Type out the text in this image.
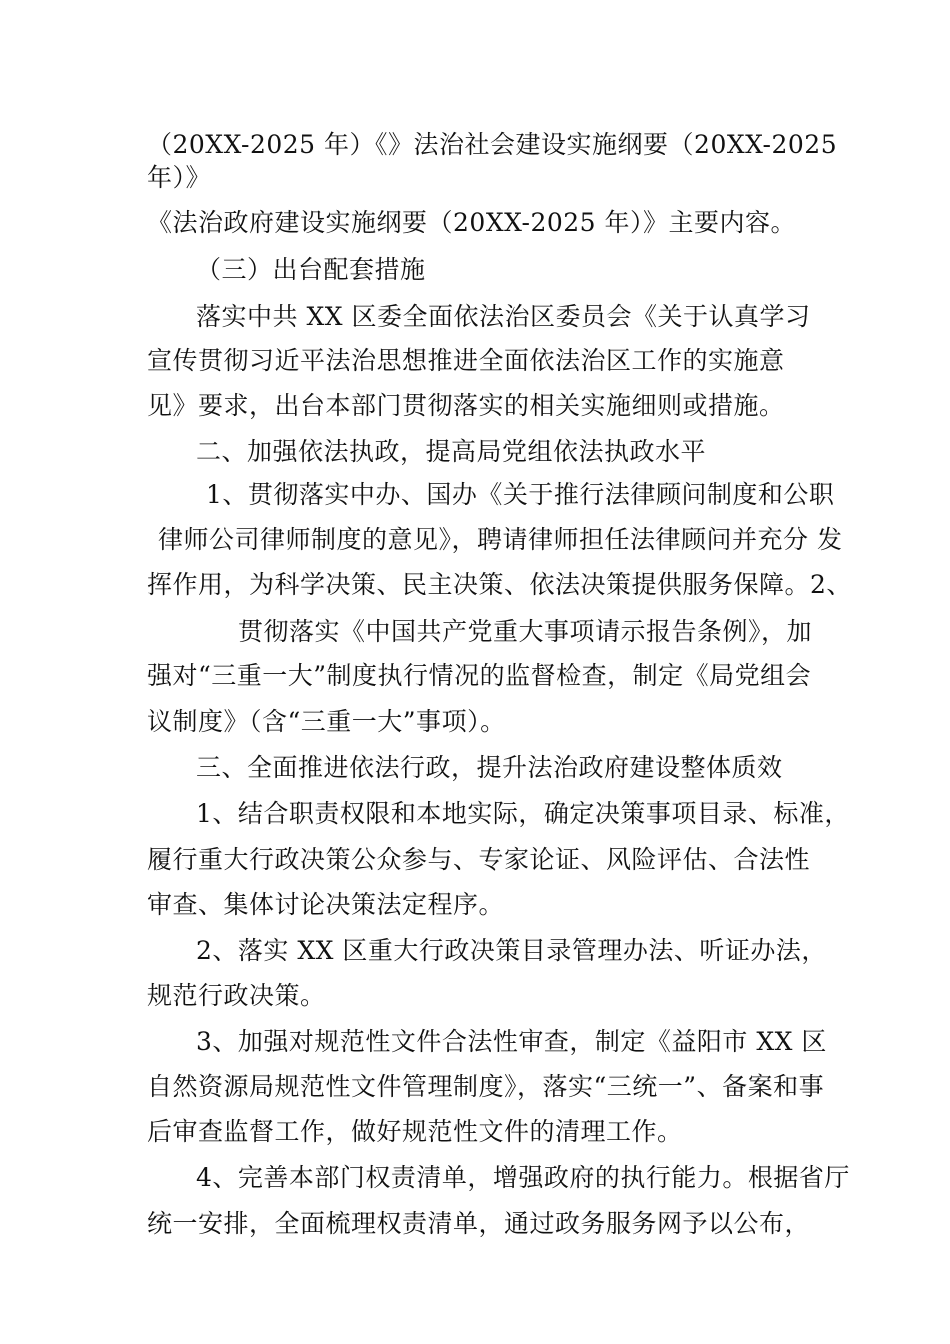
（20XX-2025 年）《》法治社会建设实施纲要（20XX-2025
年）》
《法治政府建设实施纲要（20XX-2025 年）》主要内容。
（三）出台配套措施
落实中共 XX 区委全面依法治区委员会《关于认真学习
宣传贯彻习近平法治思想推进全面依法治区工作的实施意
见》要求，出台本部门贯彻落实的相关实施细则或措施。
二、加强依法执政，提高局党组依法执政水平
1、贯彻落实中办、国办《关于推行法律顾问制度和公职
律师公司律师制度的意见》，聘请律师担任法律顾问并充分 发
挥作用，为科学决策、民主决策、依法决策提供服务保障。2、
贯彻落实《中国共产党重大事项请示报告条例》，加
强对“三重一大”制度执行情况的监督检查，制定《局党组会
议制度》（含“三重一大”事项）。
三、全面推进依法行政，提升法治政府建设整体质效
1、结合职责权限和本地实际，确定决策事项目录、标准，
履行重大行政决策公众参与、专家论证、风险评估、合法性
审查、集体讨论决策法定程序。
2、落实 XX 区重大行政决策目录管理办法、听证办法，
规范行政决策。
3、加强对规范性文件合法性审查，制定《益阳市 XX 区
自然资源局规范性文件管理制度》，落实“三统一”、备案和事
后审查监督工作，做好规范性文件的清理工作。
4、完善本部门权责清单，增强政府的执行能力。根据省厅
统一安排，全面梳理权责清单，通过政务服务网予以公布，
